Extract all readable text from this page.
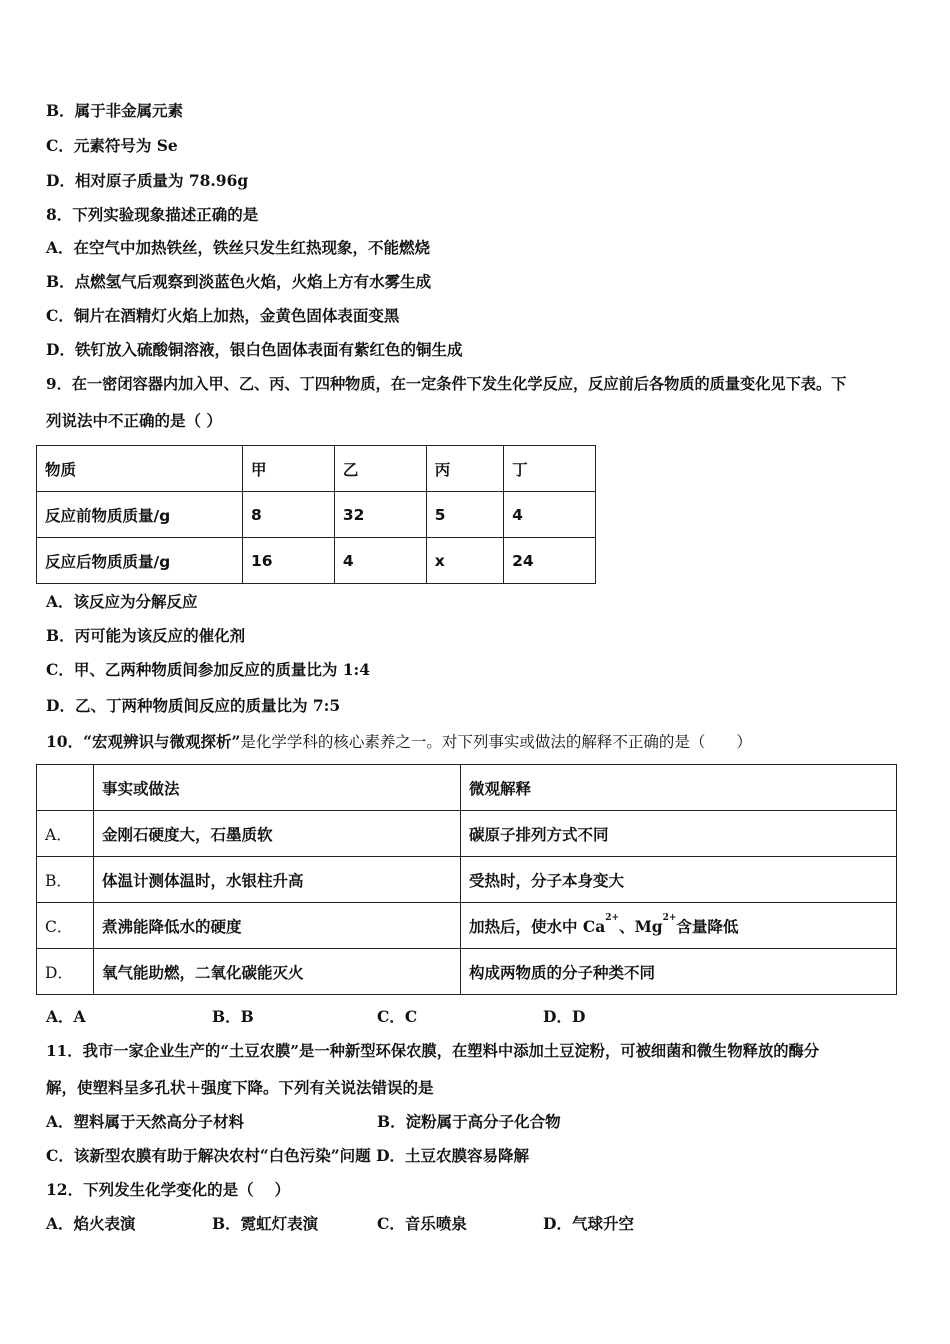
B．属于非金属元素
C．元素符号为 Se
D．相对原子质量为 78.96g
8．下列实验现象描述正确的是
A．在空气中加热铁丝，铁丝只发生红热现象，不能燃烧
B．点燃氢气后观察到淡蓝色火焰，火焰上方有水雾生成
C．铜片在酒精灯火焰上加热，金黄色固体表面变黑
D．铁钉放入硫酸铜溶液，银白色固体表面有紫红色的铜生成
9．在一密闭容器内加入甲、乙、丙、丁四种物质，在一定条件下发生化学反应，反应前后各物质的质量变化见下表。下
列说法中不正确的是（ ）
物质	甲	乙	丙	丁
反应前物质质量/g	8	32	5	4
反应后物质质量/g	16	4	x	24
A．该反应为分解反应
B．丙可能为该反应的催化剂
C．甲、乙两种物质间参加反应的质量比为 1:4
D．乙、丁两种物质间反应的质量比为 7:5
10．“宏观辨识与微观探析”是化学学科的核心素养之一。对下列事实或做法的解释不正确的是（　　）
	事实或做法	微观解释
A．	金刚石硬度大，石墨质软	碳原子排列方式不同
B．	体温计测体温时，水银柱升高	受热时，分子本身变大
C．	煮沸能降低水的硬度	加热后，使水中 $Ca^{2+}$、$Mg^{2+}$含量降低
D．	氧气能助燃，二氧化碳能灭火	构成两物质的分子种类不同
A．A	B．B	C．C	D．D
11．我市一家企业生产的“土豆农膜”是一种新型环保农膜，在塑料中添加土豆淀粉，可被细菌和微生物释放的酶分
解，使塑料呈多孔状＋强度下降。下列有关说法错误的是
A．塑料属于天然高分子材料	B．淀粉属于高分子化合物
C．该新型农膜有助于解决农村“白色污染”问题 D．土豆农膜容易降解
12．下列发生化学变化的是（　 ）
A．焰火表演	B．霓虹灯表演	C．音乐喷泉	D．气球升空
